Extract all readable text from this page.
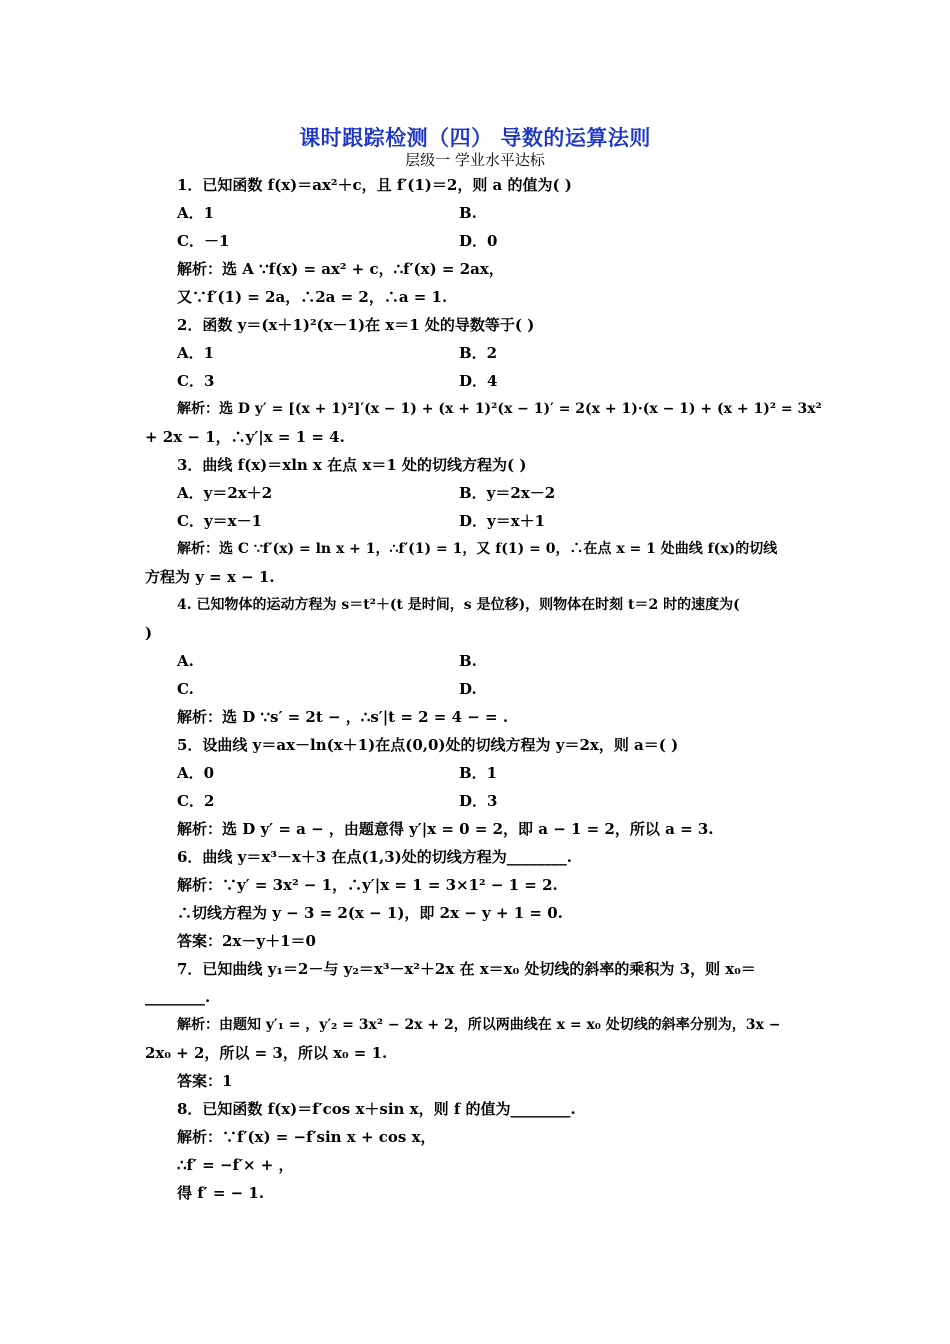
课时跟踪检测（四） 导数的运算法则
层级一 学业水平达标
1．已知函数 f(x)＝ax²＋c，且 f′(1)＝2，则 a 的值为( )
A．1	B.
C．－1	D．0
解析：选 A ∵f(x) = ax² + c，∴f′(x) = 2ax，
又∵f′(1) = 2a，∴2a = 2，∴a = 1.
2．函数 y＝(x＋1)²(x－1)在 x＝1 处的导数等于( )
A．1	B．2
C．3	D．4
解析：选 D y′ = [(x + 1)²]′(x − 1) + (x + 1)²(x − 1)′ = 2(x + 1)·(x − 1) + (x + 1)² = 3x²
+ 2x − 1，∴y′|x = 1 = 4.
3．曲线 f(x)＝xln x 在点 x＝1 处的切线方程为( )
A．y＝2x＋2	B．y＝2x－2
C．y＝x－1	D．y＝x＋1
解析：选 C ∵f′(x) = ln x + 1，∴f′(1) = 1，又 f(1) = 0，∴在点 x = 1 处曲线 f(x)的切线
方程为 y = x − 1.
4. 已知物体的运动方程为 s＝t²＋(t 是时间，s 是位移)，则物体在时刻 t＝2 时的速度为(
)
A.	B.
C.	D.
解析：选 D ∵s′ = 2t − ，∴s′|t = 2 = 4 − = .
5．设曲线 y＝ax－ln(x＋1)在点(0,0)处的切线方程为 y＝2x，则 a＝( )
A．0	B．1
C．2	D．3
解析：选 D y′ = a − ，由题意得 y′|x = 0 = 2，即 a − 1 = 2，所以 a = 3.
6．曲线 y＝x³－x＋3 在点(1,3)处的切线方程为________.
解析：∵y′ = 3x² − 1，∴y′|x = 1 = 3×1² − 1 = 2.
∴切线方程为 y − 3 = 2(x − 1)，即 2x − y + 1 = 0.
答案：2x－y＋1＝0
7．已知曲线 y₁＝2－与 y₂＝x³－x²＋2x 在 x＝x₀ 处切线的斜率的乘积为 3，则 x₀＝
________.
解析：由题知 y′₁ = ，y′₂ = 3x² − 2x + 2，所以两曲线在 x = x₀ 处切线的斜率分别为，3x −
2x₀ + 2，所以 = 3，所以 x₀ = 1.
答案：1
8．已知函数 f(x)＝f′cos x＋sin x，则 f 的值为________.
解析：∵f′(x) = −f′sin x + cos x，
∴f′ = −f′× + ，
得 f′ = − 1.
